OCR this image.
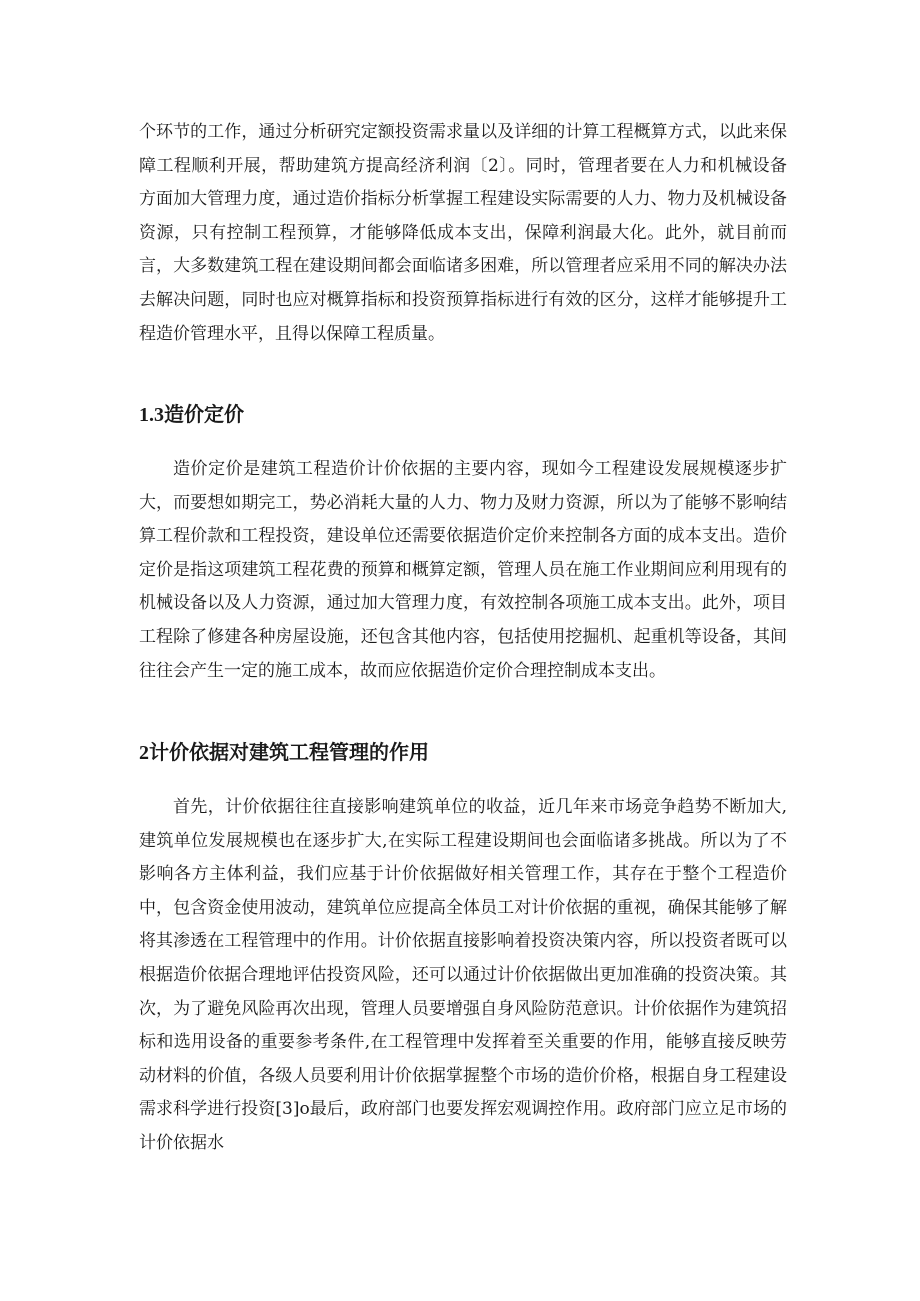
个环节的工作，通过分析研究定额投资需求量以及详细的计算工程概算方式，以此来保障工程顺利开展，帮助建筑方提高经济利润〔2〕。同时，管理者要在人力和机械设备方面加大管理力度，通过造价指标分析掌握工程建设实际需要的人力、物力及机械设备资源，只有控制工程预算，才能够降低成本支出，保障利润最大化。此外，就目前而言，大多数建筑工程在建设期间都会面临诸多困难，所以管理者应采用不同的解决办法去解决问题，同时也应对概算指标和投资预算指标进行有效的区分，这样才能够提升工程造价管理水平，且得以保障工程质量。

1.3造价定价

造价定价是建筑工程造价计价依据的主要内容，现如今工程建设发展规模逐步扩大，而要想如期完工，势必消耗大量的人力、物力及财力资源，所以为了能够不影响结算工程价款和工程投资，建设单位还需要依据造价定价来控制各方面的成本支出。造价定价是指这项建筑工程花费的预算和概算定额，管理人员在施工作业期间应利用现有的机械设备以及人力资源，通过加大管理力度，有效控制各项施工成本支出。此外，项目工程除了修建各种房屋设施，还包含其他内容，包括使用挖掘机、起重机等设备，其间往往会产生一定的施工成本，故而应依据造价定价合理控制成本支出。

2计价依据对建筑工程管理的作用

首先，计价依据往往直接影响建筑单位的收益，近几年来市场竞争趋势不断加大,建筑单位发展规模也在逐步扩大,在实际工程建设期间也会面临诸多挑战。所以为了不影响各方主体利益，我们应基于计价依据做好相关管理工作，其存在于整个工程造价中，包含资金使用波动，建筑单位应提高全体员工对计价依据的重视，确保其能够了解将其渗透在工程管理中的作用。计价依据直接影响着投资决策内容，所以投资者既可以根据造价依据合理地评估投资风险，还可以通过计价依据做出更加准确的投资决策。其次，为了避免风险再次出现，管理人员要增强自身风险防范意识。计价依据作为建筑招标和选用设备的重要参考条件,在工程管理中发挥着至关重要的作用，能够直接反映劳动材料的价值，各级人员要利用计价依据掌握整个市场的造价价格，根据自身工程建设需求科学进行投资[3]o最后，政府部门也要发挥宏观调控作用。政府部门应立足市场的计价依据水
